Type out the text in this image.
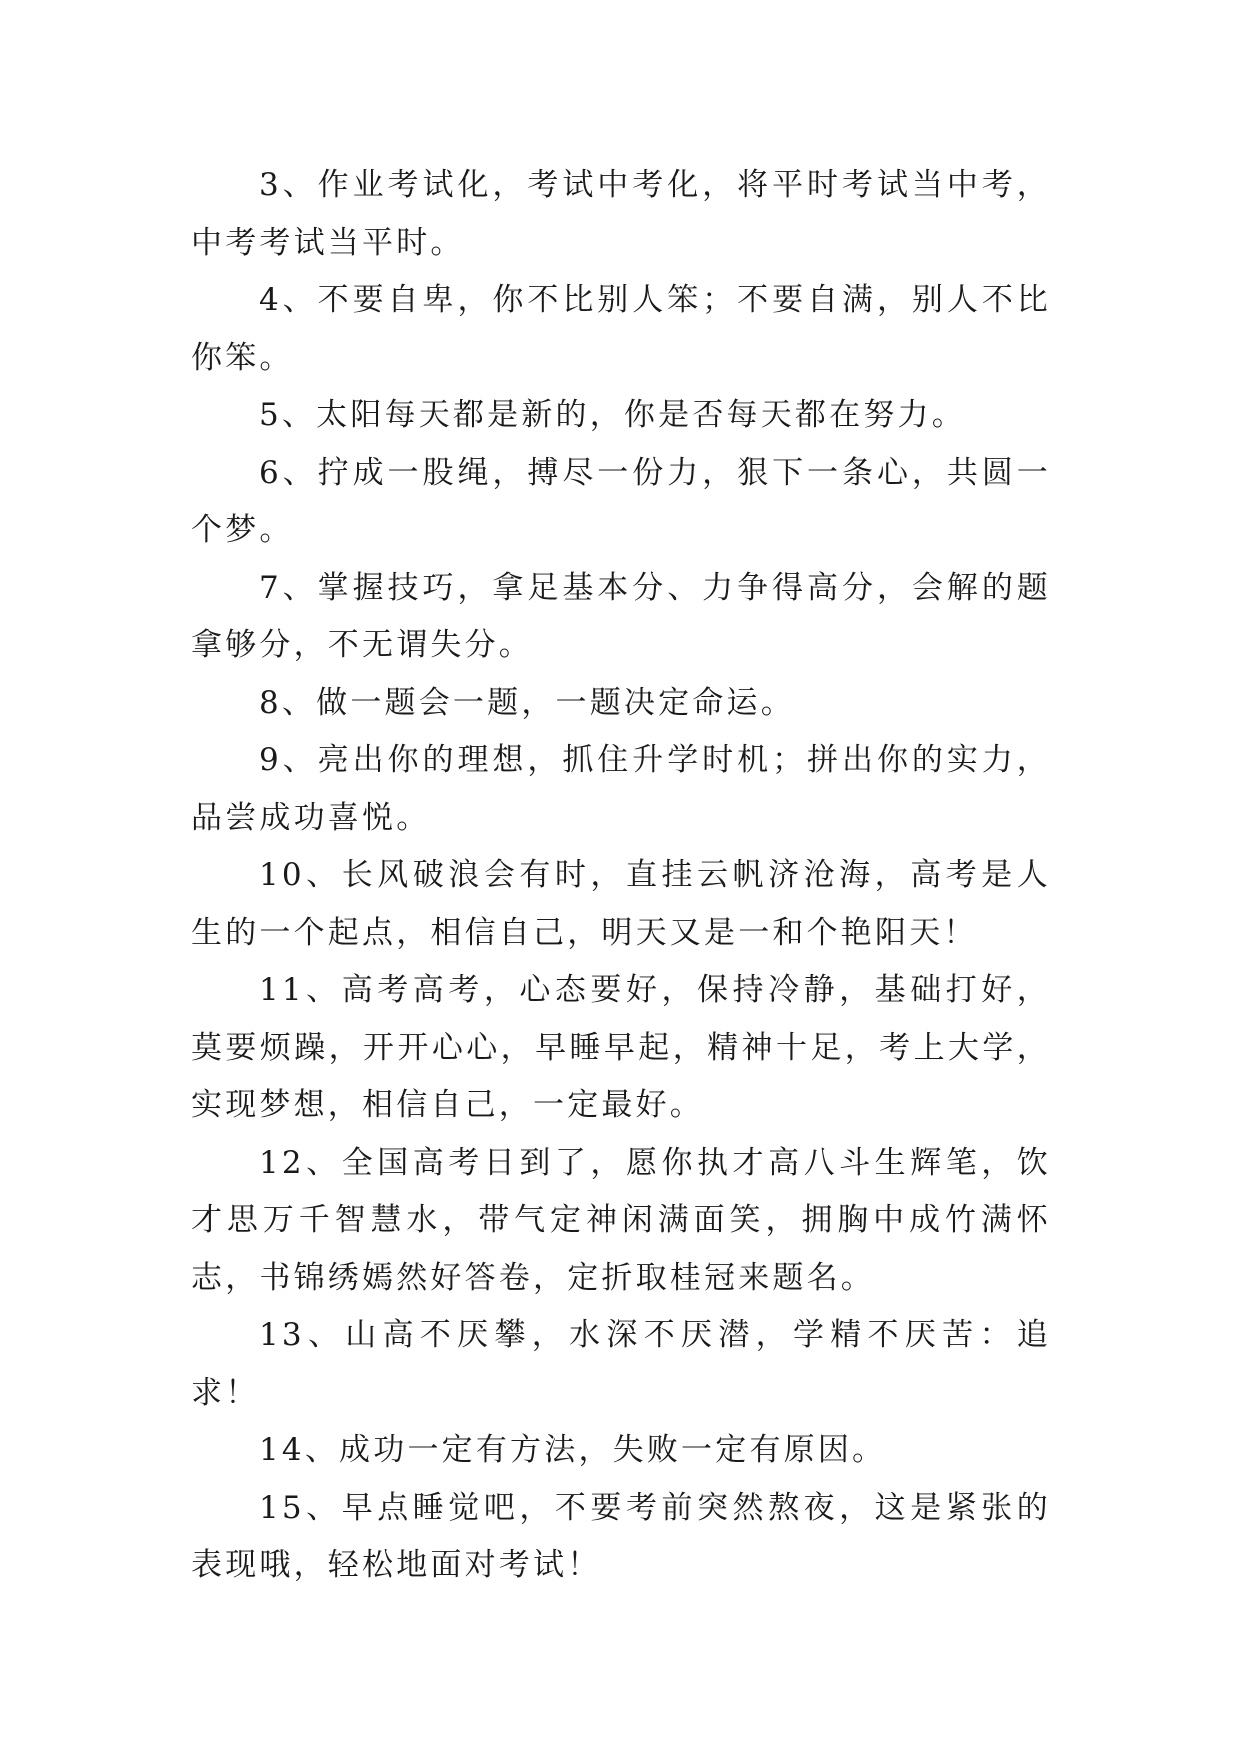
3、作业考试化，考试中考化，将平时考试当中考，中考考试当平时。

4、不要自卑，你不比别人笨；不要自满，别人不比你笨。

5、太阳每天都是新的，你是否每天都在努力。

6、拧成一股绳，搏尽一份力，狠下一条心，共圆一个梦。

7、掌握技巧，拿足基本分、力争得高分，会解的题拿够分，不无谓失分。

8、做一题会一题，一题决定命运。

9、亮出你的理想，抓住升学时机；拼出你的实力，品尝成功喜悦。

10、长风破浪会有时，直挂云帆济沧海，高考是人生的一个起点，相信自己，明天又是一和个艳阳天！

11、高考高考，心态要好，保持冷静，基础打好，莫要烦躁，开开心心，早睡早起，精神十足，考上大学，实现梦想，相信自己，一定最好。

12、全国高考日到了，愿你执才高八斗生辉笔，饮才思万千智慧水，带气定神闲满面笑，拥胸中成竹满怀志，书锦绣嫣然好答卷，定折取桂冠来题名。

13、山高不厌攀，水深不厌潜，学精不厌苦：追求！

14、成功一定有方法，失败一定有原因。

15、早点睡觉吧，不要考前突然熬夜，这是紧张的表现哦，轻松地面对考试！
